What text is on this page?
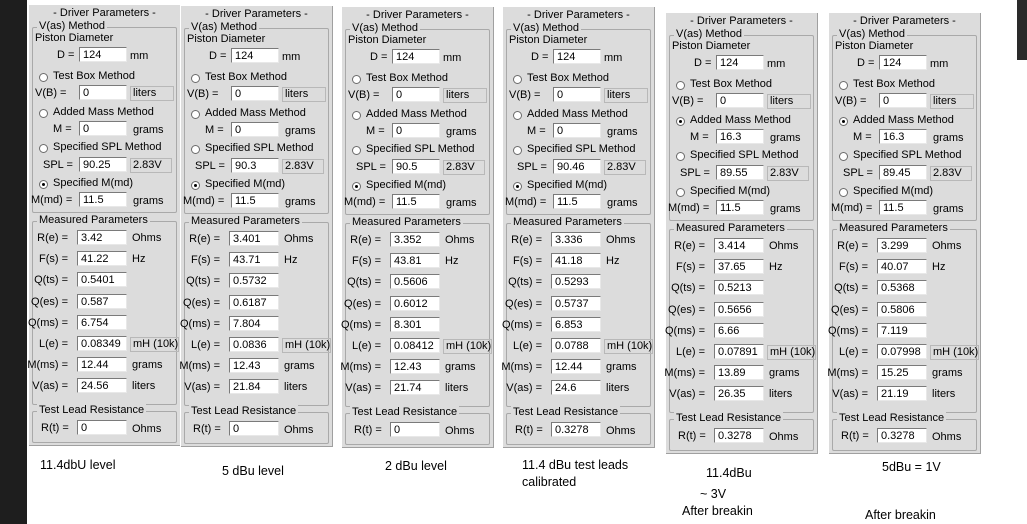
- Driver Parameters -
V(as) Method
Piston Diameter
D = 124	mm
Test Box Method
Added Mass Method
Specified SPL Method
Specified M(md)
V(B) =	0	liters
M =	0	grams
SPL = 90.25	2.83V
M(md) = 11.5	grams
Measured Parameters
R(e) =	3.42	Ohms
F(s) =	41.22	Hz
Q(ts) =	0.5401
Q(es) =	0.587
Q(ms) =	6.754
L(e) =	0.08349	mH (10k)
M(ms) =	12.44	grams
V(as) =	24.56	liters
Test Lead Resistance
R(t) =	0	Ohms
11.4dbU level
- Driver Parameters -
V(as) Method
Piston Diameter
D = 124	mm
Test Box Method
Added Mass Method
Specified SPL Method
Specified M(md)
V(B) =	0	liters
M =	0	grams
SPL = 90.3	2.83V
M(md) = 11.5	grams
Measured Parameters
R(e) =	3.401	Ohms
F(s) =	43.71	Hz
Q(ts) =	0.5732
Q(es) =	0.6187
Q(ms) =	7.804
L(e) =	0.0836	mH (10k)
M(ms) =	12.43	grams
V(as) =	21.84	liters
Test Lead Resistance
R(t) =	0	Ohms
5 dBu level
- Driver Parameters -
V(as) Method
Piston Diameter
D = 124	mm
Test Box Method
Added Mass Method
Specified SPL Method
Specified M(md)
V(B) =	0	liters
M =	0	grams
SPL = 90.5	2.83V
M(md) = 11.5	grams
Measured Parameters
R(e) =	3.352	Ohms
F(s) =	43.81	Hz
Q(ts) =	0.5606
Q(es) =	0.6012
Q(ms) =	8.301
L(e) =	0.08412	mH (10k)
M(ms) =	12.43	grams
V(as) =	21.74	liters
Test Lead Resistance
R(t) =	0	Ohms
2 dBu level
- Driver Parameters -
V(as) Method
Piston Diameter
D = 124	mm
Test Box Method
Added Mass Method
Specified SPL Method
Specified M(md)
V(B) =	0	liters
M =	0	grams
SPL = 90.46	2.83V
M(md) = 11.5	grams
Measured Parameters
R(e) =	3.336	Ohms
F(s) =	41.18	Hz
Q(ts) =	0.5293
Q(es) =	0.5737
Q(ms) =	6.853
L(e) =	0.0788	mH (10k)
M(ms) =	12.44	grams
V(as) =	24.6	liters
Test Lead Resistance
R(t) =	0.3278	Ohms
11.4 dBu test leads
calibrated
- Driver Parameters -
V(as) Method
Piston Diameter
D = 124	mm
Test Box Method
Added Mass Method
Specified SPL Method
Specified M(md)
V(B) =	0	liters
M =	16.3	grams
SPL = 89.55	2.83V
M(md) = 11.5	grams
Measured Parameters
R(e) =	3.414	Ohms
F(s) =	37.65	Hz
Q(ts) =	0.5213
Q(es) =	0.5656
Q(ms) =	6.66
L(e) =	0.07891	mH (10k)
M(ms) =	13.89	grams
V(as) =	26.35	liters
Test Lead Resistance
R(t) =	0.3278	Ohms
11.4dBu
~ 3V
After breakin
- Driver Parameters -
V(as) Method
Piston Diameter
D = 124	mm
Test Box Method
Added Mass Method
Specified SPL Method
Specified M(md)
V(B) =	0	liters
M =	16.3	grams
SPL = 89.45	2.83V
M(md) = 11.5	grams
Measured Parameters
R(e) =	3.299	Ohms
F(s) =	40.07	Hz
Q(ts) =	0.5368
Q(es) =	0.5806
Q(ms) =	7.119
L(e) =	0.07998	mH (10k)
M(ms) =	15.25	grams
V(as) =	21.19	liters
Test Lead Resistance
R(t) =	0.3278	Ohms
5dBu = 1V
After breakin
